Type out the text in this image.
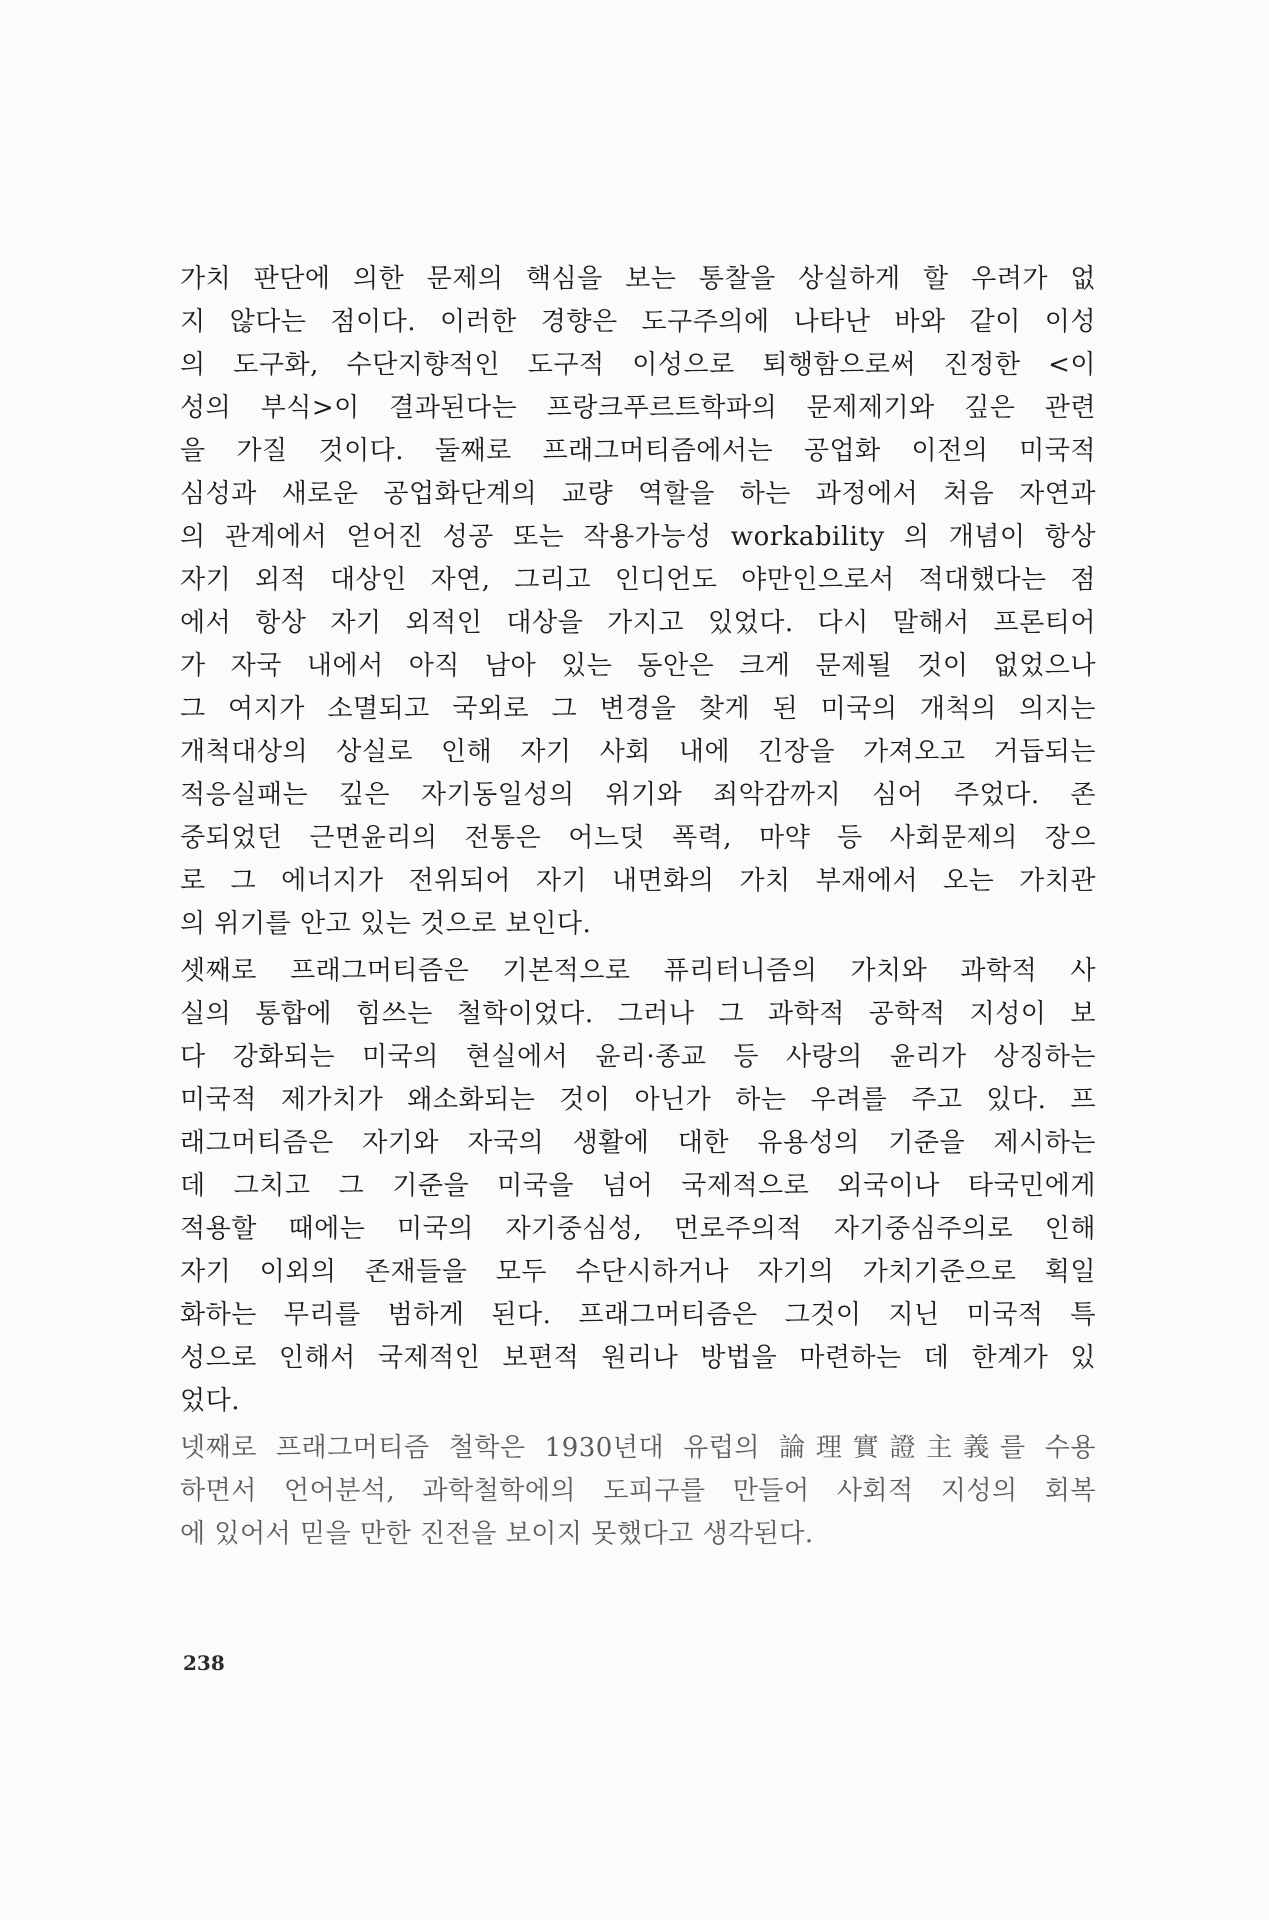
가치 판단에 의한 문제의 핵심을 보는 통찰을 상실하게 할 우려가 없
지 않다는 점이다. 이러한 경향은 도구주의에 나타난 바와 같이 이성
의 도구화, 수단지향적인 도구적 이성으로 퇴행함으로써 진정한 <이
성의 부식>이 결과된다는 프랑크푸르트학파의 문제제기와 깊은 관련
을 가질 것이다. 둘째로 프래그머티즘에서는 공업화 이전의 미국적
심성과 새로운 공업화단계의 교량 역할을 하는 과정에서 처음 자연과
의 관계에서 얻어진 성공 또는 작용가능성 workability 의 개념이 항상
자기 외적 대상인 자연, 그리고 인디언도 야만인으로서 적대했다는 점
에서 항상 자기 외적인 대상을 가지고 있었다. 다시 말해서 프론티어
가 자국 내에서 아직 남아 있는 동안은 크게 문제될 것이 없었으나
그 여지가 소멸되고 국외로 그 변경을 찾게 된 미국의 개척의 의지는
개척대상의 상실로 인해 자기 사회 내에 긴장을 가져오고 거듭되는
적응실패는 깊은 자기동일성의 위기와 죄악감까지 심어 주었다. 존
중되었던 근면윤리의 전통은 어느덧 폭력, 마약 등 사회문제의 장으
로 그 에너지가 전위되어 자기 내면화의 가치 부재에서 오는 가치관
의 위기를 안고 있는 것으로 보인다.
셋째로 프래그머티즘은 기본적으로 퓨리터니즘의 가치와 과학적 사
실의 통합에 힘쓰는 철학이었다. 그러나 그 과학적 공학적 지성이 보
다 강화되는 미국의 현실에서 윤리·종교 등 사랑의 윤리가 상징하는
미국적 제가치가 왜소화되는 것이 아닌가 하는 우려를 주고 있다. 프
래그머티즘은 자기와 자국의 생활에 대한 유용성의 기준을 제시하는
데 그치고 그 기준을 미국을 넘어 국제적으로 외국이나 타국민에게
적용할 때에는 미국의 자기중심성, 먼로주의적 자기중심주의로 인해
자기 이외의 존재들을 모두 수단시하거나 자기의 가치기준으로 획일
화하는 무리를 범하게 된다. 프래그머티즘은 그것이 지닌 미국적 특
성으로 인해서 국제적인 보편적 원리나 방법을 마련하는 데 한계가 있
었다.
넷째로 프래그머티즘 철학은 1930년대 유럽의 論理實證主義를 수용
하면서 언어분석, 과학철학에의 도피구를 만들어 사회적 지성의 회복
에 있어서 믿을 만한 진전을 보이지 못했다고 생각된다.
238
